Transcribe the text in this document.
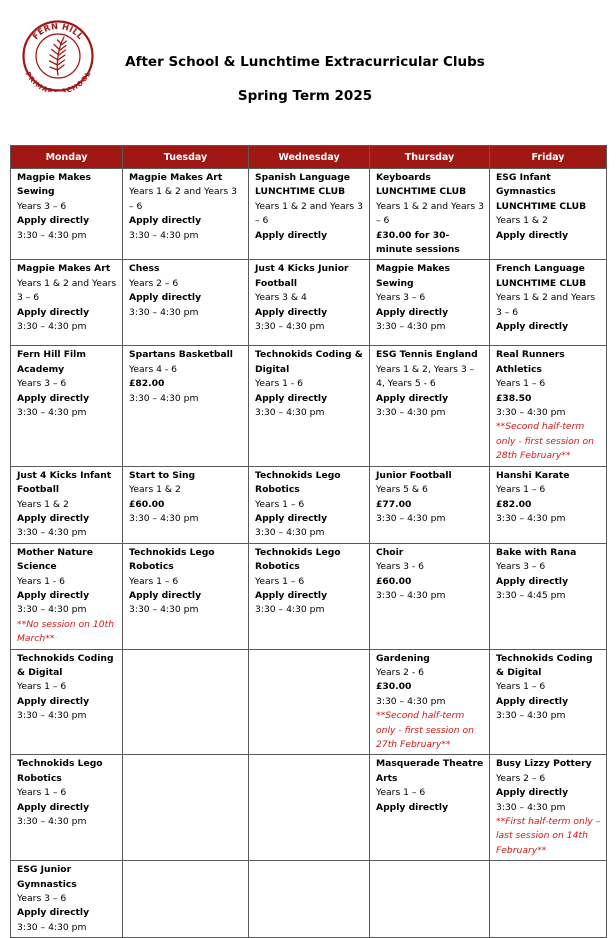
FERN HILL
PRIMARY SCHOOL
After School & Lunchtime Extracurricular Clubs
Spring Term 2025
Monday	Tuesday	Wednesday	Thursday	Friday

Magpie Makes Sewing
Years 3 – 6
Apply directly
3:30 – 4:30 pm	Magpie Makes Art
Years 1 & 2 and Years 3 – 6
Apply directly
3:30 – 4:30 pm	Spanish Language
LUNCHTIME CLUB
Years 1 & 2 and Years 3 – 6
Apply directly	Keyboards
LUNCHTIME CLUB
Years 1 & 2 and Years 3 – 6
£30.00 for 30-minute sessions	ESG Infant Gymnastics
LUNCHTIME CLUB
Years 1 & 2
Apply directly

Magpie Makes Art
Years 1 & 2 and Years 3 – 6
Apply directly
3:30 – 4:30 pm	Chess
Years 2 – 6
Apply directly
3:30 – 4:30 pm	Just 4 Kicks Junior Football
Years 3 & 4
Apply directly
3:30 – 4:30 pm	Magpie Makes Sewing
Years 3 – 6
Apply directly
3:30 – 4:30 pm	French Language
LUNCHTIME CLUB
Years 1 & 2 and Years 3 – 6
Apply directly

Fern Hill Film Academy
Years 3 – 6
Apply directly
3:30 – 4:30 pm	Spartans Basketball
Years 4 - 6
£82.00
3:30 – 4:30 pm	Technokids Coding & Digital
Years 1 - 6
Apply directly
3:30 – 4:30 pm	ESG Tennis England
Years 1 & 2, Years 3 – 4, Years 5 - 6
Apply directly
3:30 – 4:30 pm	Real Runners Athletics
Years 1 – 6
£38.50
3:30 – 4:30 pm
**Second half-term only - first session on 28th February**

Just 4 Kicks Infant Football
Years 1 & 2
Apply directly
3:30 – 4:30 pm	Start to Sing
Years 1 & 2
£60.00
3:30 – 4:30 pm	Technokids Lego Robotics
Years 1 – 6
Apply directly
3:30 – 4:30 pm	Junior Football
Years 5 & 6
£77.00
3:30 – 4:30 pm	Hanshi Karate
Years 1 – 6
£82.00
3:30 – 4:30 pm

Mother Nature Science
Years 1 - 6
Apply directly
3:30 – 4:30 pm
**No session on 10th March**	Technokids Lego Robotics
Years 1 – 6
Apply directly
3:30 – 4:30 pm	Technokids Lego Robotics
Years 1 – 6
Apply directly
3:30 – 4:30 pm	Choir
Years 3 - 6
£60.00
3:30 – 4:30 pm	Bake with Rana
Years 3 – 6
Apply directly
3:30 – 4:45 pm

Technokids Coding & Digital
Years 1 – 6
Apply directly
3:30 – 4:30 pm			Gardening
Years 2 - 6
£30.00
3:30 – 4:30 pm
**Second half-term only - first session on 27th February**	Technokids Coding & Digital
Years 1 – 6
Apply directly
3:30 – 4:30 pm

Technokids Lego Robotics
Years 1 – 6
Apply directly
3:30 – 4:30 pm			Masquerade Theatre Arts
Years 1 – 6
Apply directly	Busy Lizzy Pottery
Years 2 – 6
Apply directly
3:30 – 4:30 pm
**First half-term only – last session on 14th February**

ESG Junior Gymnastics
Years 3 – 6
Apply directly
3:30 – 4:30 pm				
